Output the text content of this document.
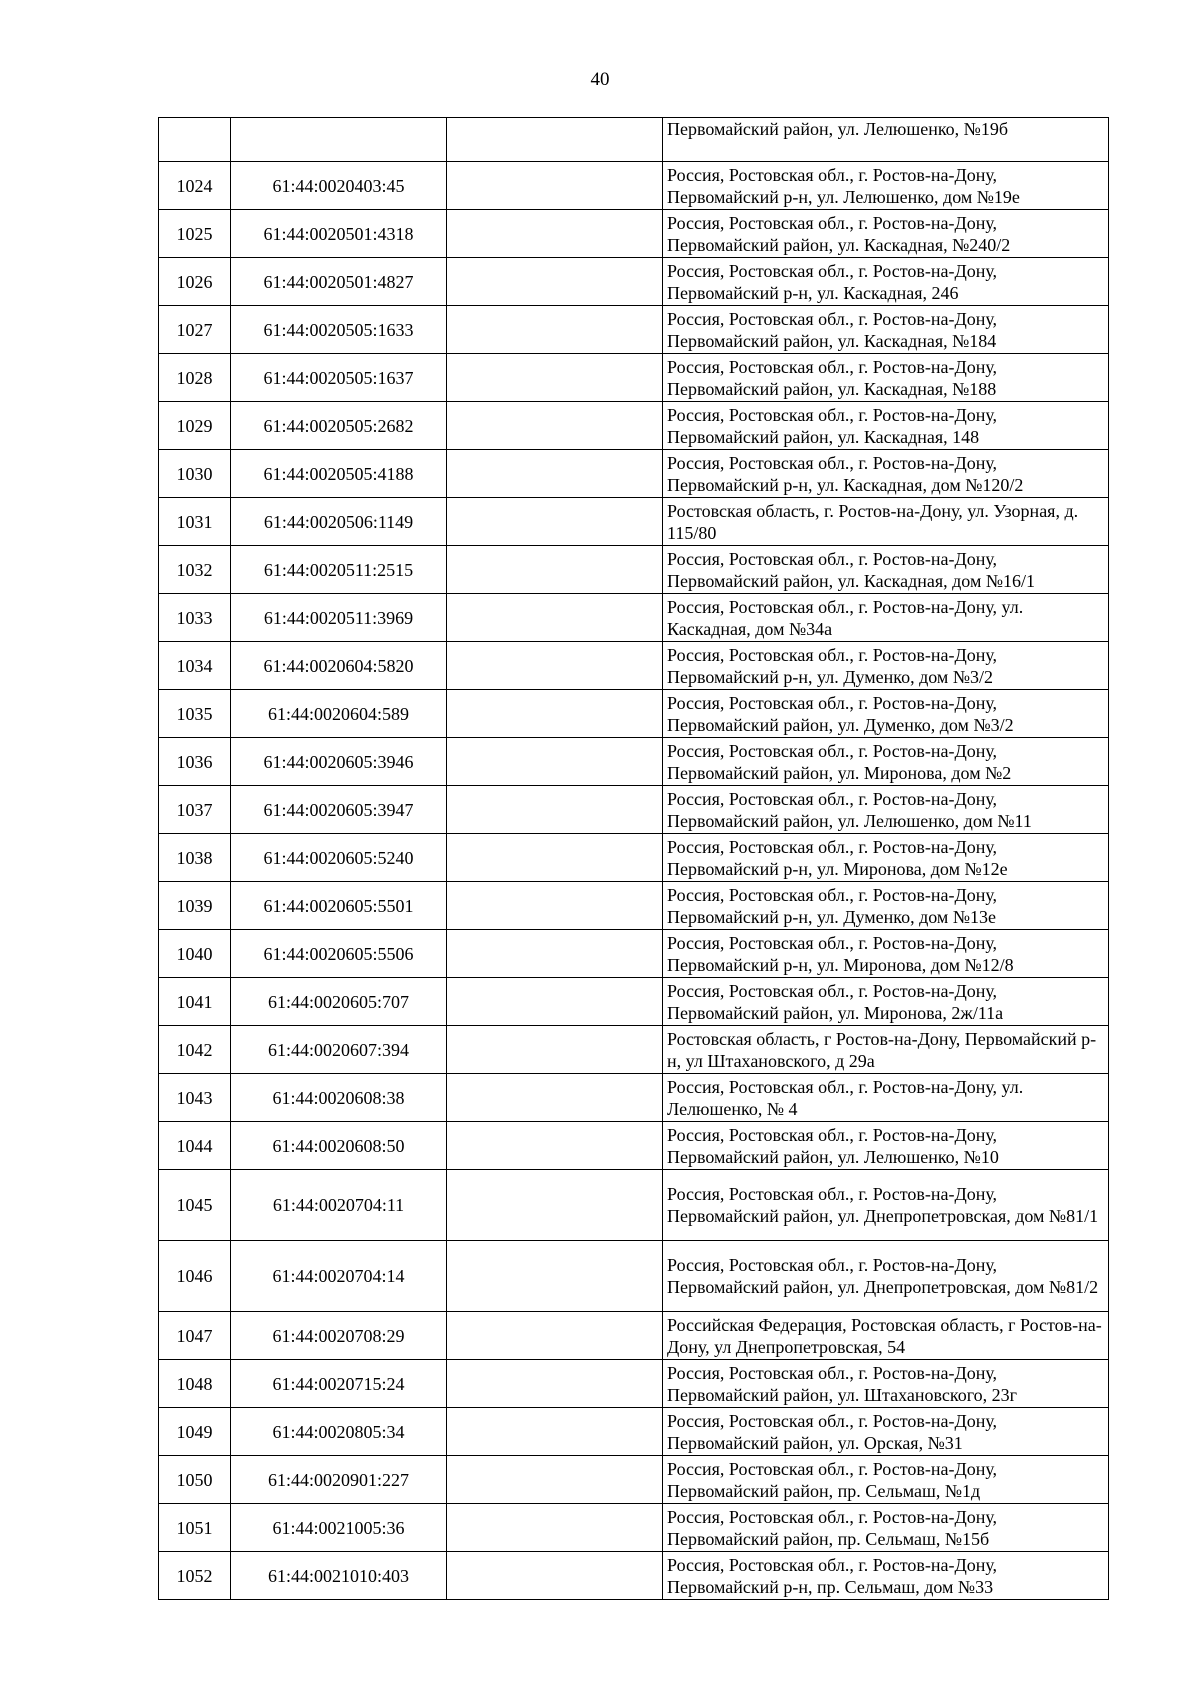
40
			Первомайский район, ул. Лелюшенко, №19б
1024	61:44:0020403:45		Россия, Ростовская обл., г. Ростов-на-Дону, Первомайский р-н, ул. Лелюшенко, дом №19е
1025	61:44:0020501:4318		Россия, Ростовская обл., г. Ростов-на-Дону, Первомайский район, ул. Каскадная, №240/2
1026	61:44:0020501:4827		Россия, Ростовская обл., г. Ростов-на-Дону, Первомайский р-н, ул. Каскадная, 246
1027	61:44:0020505:1633		Россия, Ростовская обл., г. Ростов-на-Дону, Первомайский район, ул. Каскадная, №184
1028	61:44:0020505:1637		Россия, Ростовская обл., г. Ростов-на-Дону, Первомайский район, ул. Каскадная, №188
1029	61:44:0020505:2682		Россия, Ростовская обл., г. Ростов-на-Дону, Первомайский район, ул. Каскадная, 148
1030	61:44:0020505:4188		Россия, Ростовская обл., г. Ростов-на-Дону, Первомайский р-н, ул. Каскадная, дом №120/2
1031	61:44:0020506:1149		Ростовская область, г. Ростов-на-Дону, ул. Узорная, д. 115/80
1032	61:44:0020511:2515		Россия, Ростовская обл., г. Ростов-на-Дону, Первомайский район, ул. Каскадная, дом №16/1
1033	61:44:0020511:3969		Россия, Ростовская обл., г. Ростов-на-Дону, ул. Каскадная, дом №34а
1034	61:44:0020604:5820		Россия, Ростовская обл., г. Ростов-на-Дону, Первомайский р-н, ул. Думенко, дом №3/2
1035	61:44:0020604:589		Россия, Ростовская обл., г. Ростов-на-Дону, Первомайский район, ул. Думенко, дом №3/2
1036	61:44:0020605:3946		Россия, Ростовская обл., г. Ростов-на-Дону, Первомайский район, ул. Миронова, дом №2
1037	61:44:0020605:3947		Россия, Ростовская обл., г. Ростов-на-Дону, Первомайский район, ул. Лелюшенко, дом №11
1038	61:44:0020605:5240		Россия, Ростовская обл., г. Ростов-на-Дону, Первомайский р-н, ул. Миронова, дом №12е
1039	61:44:0020605:5501		Россия, Ростовская обл., г. Ростов-на-Дону, Первомайский р-н, ул. Думенко, дом №13е
1040	61:44:0020605:5506		Россия, Ростовская обл., г. Ростов-на-Дону, Первомайский р-н, ул. Миронова, дом №12/8
1041	61:44:0020605:707		Россия, Ростовская обл., г. Ростов-на-Дону, Первомайский район, ул. Миронова, 2ж/11а
1042	61:44:0020607:394		Ростовская область, г Ростов-на-Дону, Первомайский р-н, ул Штахановского, д 29а
1043	61:44:0020608:38		Россия, Ростовская обл., г. Ростов-на-Дону, ул. Лелюшенко, № 4
1044	61:44:0020608:50		Россия, Ростовская обл., г. Ростов-на-Дону, Первомайский район, ул. Лелюшенко, №10
1045	61:44:0020704:11		Россия, Ростовская обл., г. Ростов-на-Дону, Первомайский район, ул. Днепропетровская, дом №81/1
1046	61:44:0020704:14		Россия, Ростовская обл., г. Ростов-на-Дону, Первомайский район, ул. Днепропетровская, дом №81/2
1047	61:44:0020708:29		Российская Федерация, Ростовская область, г Ростов-на-Дону, ул Днепропетровская, 54
1048	61:44:0020715:24		Россия, Ростовская обл., г. Ростов-на-Дону, Первомайский район, ул. Штахановского, 23г
1049	61:44:0020805:34		Россия, Ростовская обл., г. Ростов-на-Дону, Первомайский район, ул. Орская, №31
1050	61:44:0020901:227		Россия, Ростовская обл., г. Ростов-на-Дону, Первомайский район, пр. Сельмаш, №1д
1051	61:44:0021005:36		Россия, Ростовская обл., г. Ростов-на-Дону, Первомайский район, пр. Сельмаш, №15б
1052	61:44:0021010:403		Россия, Ростовская обл., г. Ростов-на-Дону, Первомайский р-н, пр. Сельмаш, дом №33
